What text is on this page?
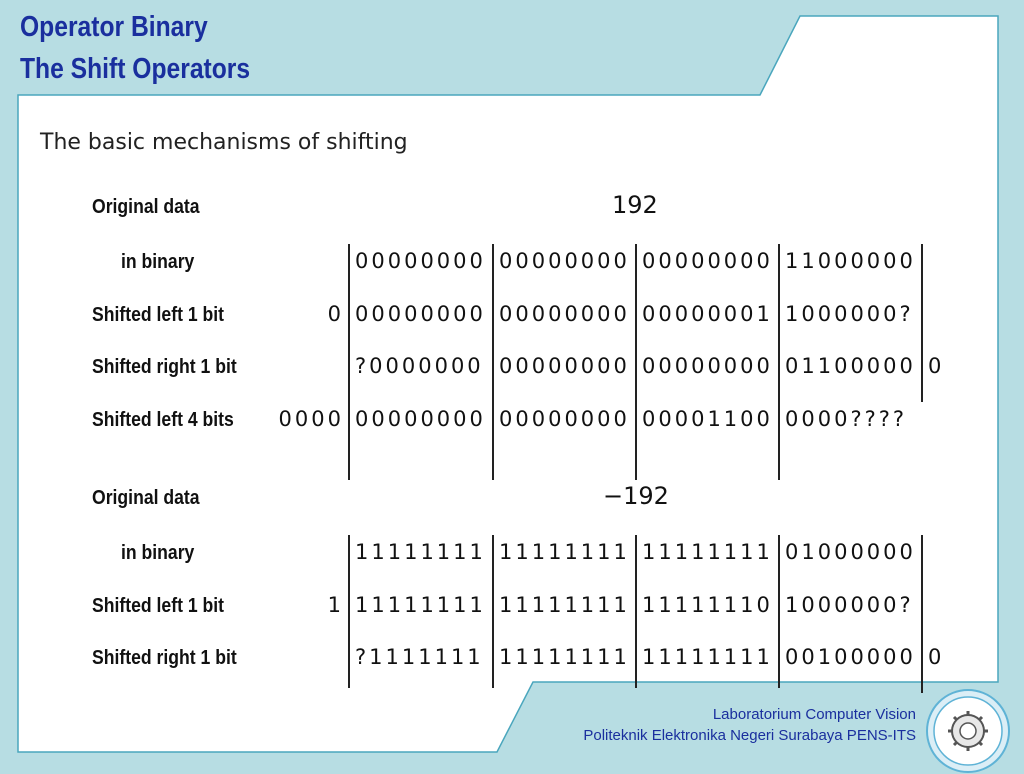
Operator Binary
The Shift Operators
The basic mechanisms of shifting
Original data	192
in binary	00000000 00000000 00000000 11000000
Shifted left 1 bit	0 00000000 00000000 00000001 1000000?
Shifted right 1 bit	?0000000 00000000 00000000 01100000 0
Shifted left 4 bits 0000 00000000 00000000 00001100 0000????
Original data	−192
in binary	11111111 11111111 11111111 01000000
Shifted left 1 bit	1 11111111 11111111 11111110 1000000?
Shifted right 1 bit	?1111111 11111111 11111111 00100000 0
Laboratorium Computer Vision
Politeknik Elektronika Negeri Surabaya PENS-ITS
